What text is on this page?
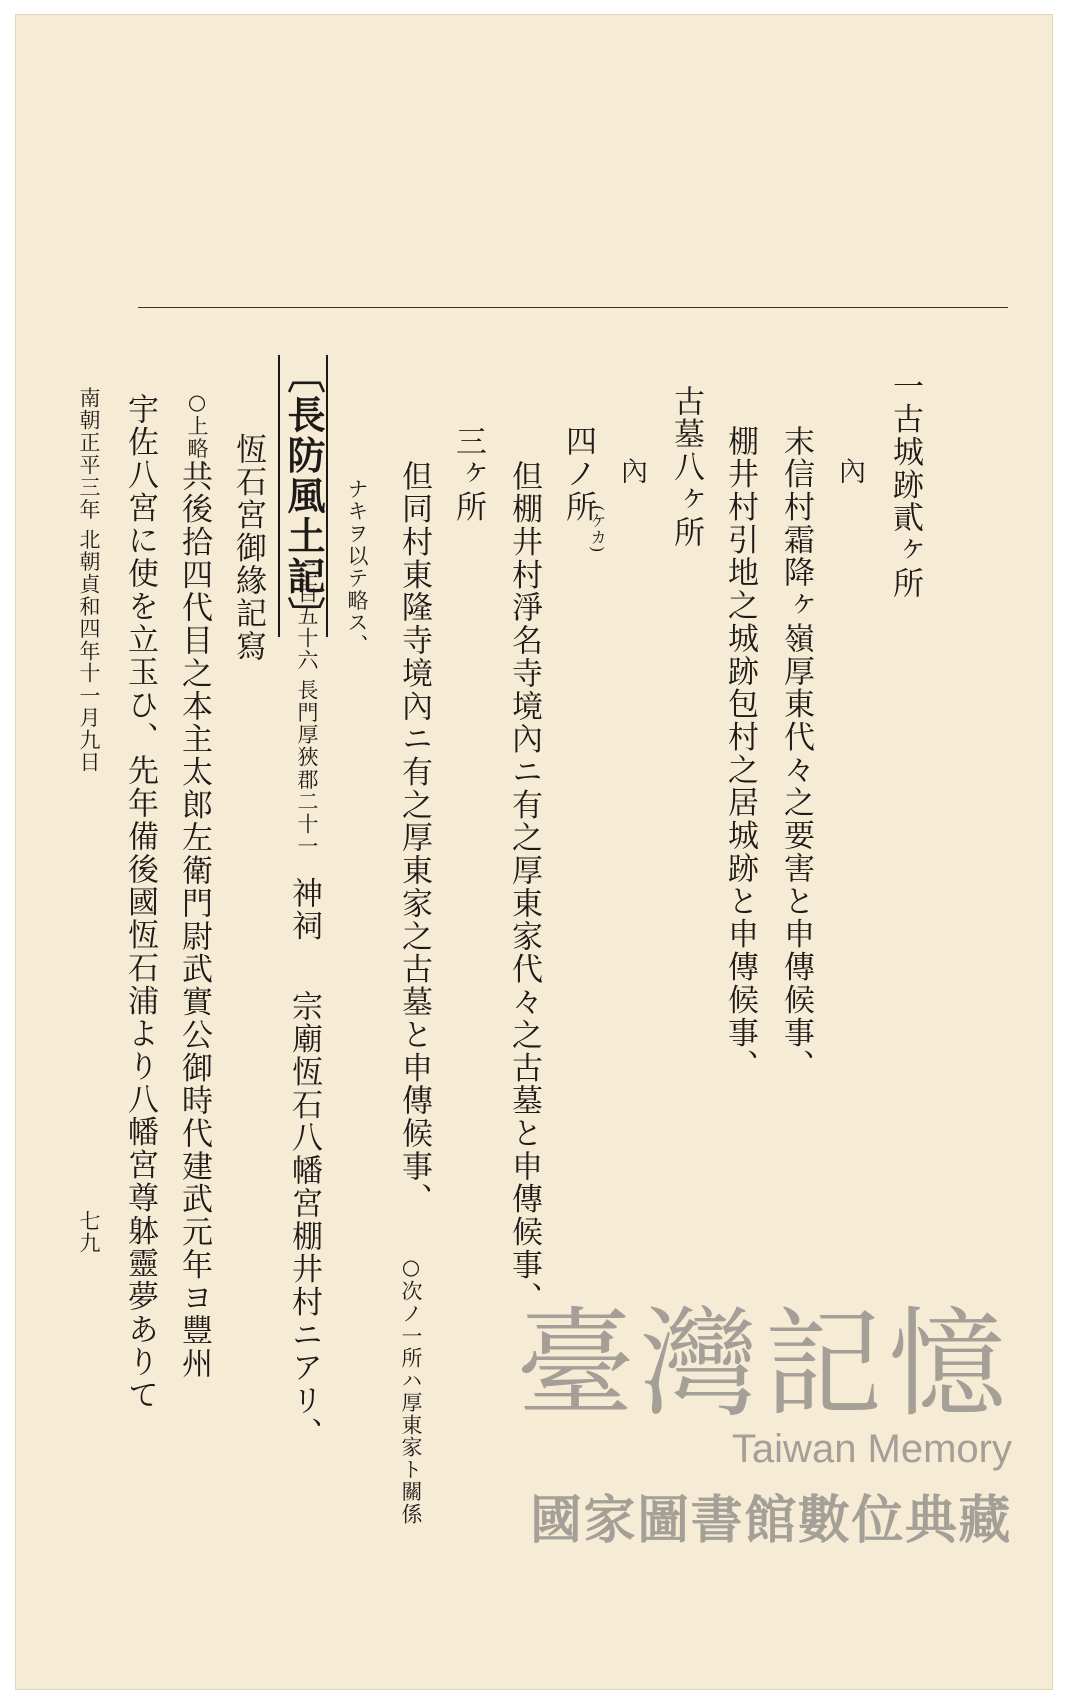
一古城跡貳ヶ所
內
末信村霜降ヶ嶺厚東代々之要害と申傳候事、
棚井村引地之城跡包村之居城跡と申傳候事、
古墓八ヶ所
內
(ケカ)
四ノ所
但棚井村淨名寺境內ニ有之厚東家代々之古墓と申傳候事、
三ヶ所
但同村東隆寺境內ニ有之厚東家之古墓と申傳候事、
○次ノ一所ハ厚東家ト關係
ナキヲ以テ略ス、
〔長防風土記〕
二百五十六 長門厚狹郡二十一
神祠
宗廟恆石八幡宮棚井村ニアリ、
恆石宮御緣記寫
○上略、
共後拾四代目之本主太郎左衛門尉武實公御時代建武元年ヨ豐州
宇佐八宮に使を立玉ひ、先年備後國恆石浦より八幡宮尊躰靈夢ありて
南朝正平三年 北朝貞和四年十一月九日
七九
臺灣記憶
Taiwan Memory
國家圖書館數位典藏
